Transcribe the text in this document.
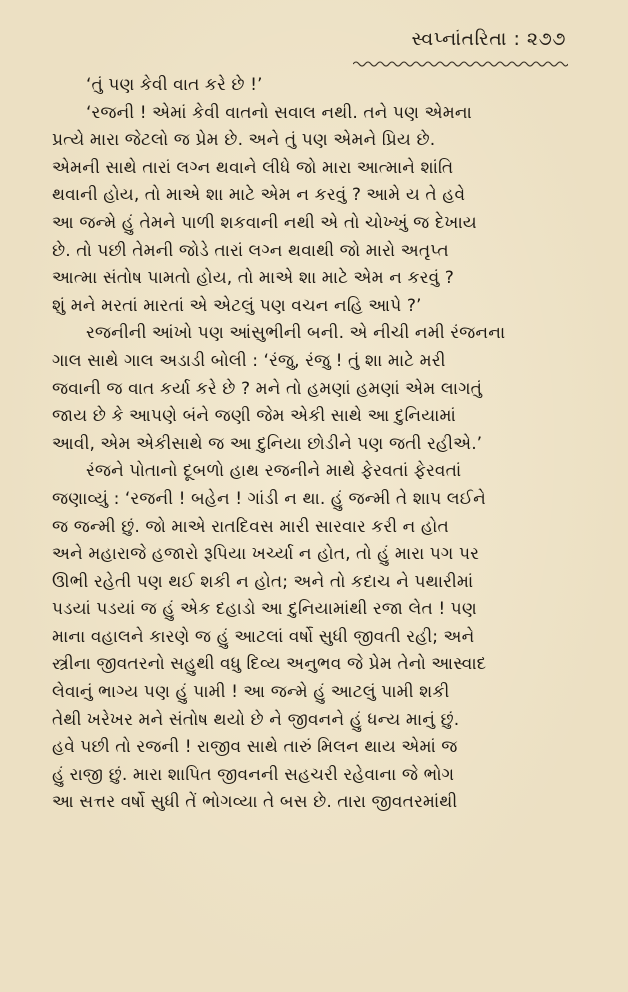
સ્વપ્નાંતરિતા : ૨૭૭

‘તું પણ કેવી વાત કરે છે !’

‘રજની ! એમાં કેવી વાતનો સવાલ નથી. તને પણ એમના
પ્રત્યે મારા જેટલો જ પ્રેમ છે. અને તું પણ એમને પ્રિય છે.
એમની સાથે તારાં લગ્ન થવાને લીધે જો મારા આત્માને શાંતિ
થવાની હોય, તો માએ શા માટે એમ ન કરવું ? આમે ય તે હવે
આ જન્મે હું તેમને પાળી શકવાની નથી એ તો ચોખ્ખું જ દેખાય
છે. તો પછી તેમની જોડે તારાં લગ્ન થવાથી જો મારો અતૃપ્ત
આત્મા સંતોષ પામતો હોય, તો માએ શા માટે એમ ન કરવું ?
શું મને મરતાં મારતાં એ એટલું પણ વચન નહિ આપે ?’

રજનીની આંખો પણ આંસુભીની બની. એ નીચી નમી રંજનના
ગાલ સાથે ગાલ અડાડી બોલી : ‘રંજુ, રંજુ ! તું શા માટે મરી
જવાની જ વાત કર્યા કરે છે ? મને તો હમણાં હમણાં એમ લાગતું
જાય છે કે આપણે બંને જણી જેમ એકી સાથે આ દુનિયામાં
આવી, એમ એકીસાથે જ આ દુનિયા છોડીને પણ જતી રહીએ.’

રંજને પોતાનો દૂબળો હાથ રજનીને માથે ફેરવતાં ફેરવતાં
જણાવ્યું : ‘રજની ! બહેન ! ગાંડી ન થા. હું જન્મી તે શાપ લઈને
જ જન્મી છું. જો માએ રાતદિવસ મારી સારવાર કરી ન હોત
અને મહારાજે હજારો રૂપિયા ખર્ચ્યા ન હોત, તો હું મારા પગ પર
ઊભી રહેતી પણ થઈ શકી ન હોત; અને તો કદાચ ને પથારીમાં
પડયાં પડયાં જ હું એક દહાડો આ દુનિયામાંથી રજા લેત ! પણ
માના વહાલને કારણે જ હું આટલાં વર્ષો સુધી જીવતી રહી; અને
સ્ત્રીના જીવતરનો સહુથી વધુ દિવ્ય અનુભવ જે પ્રેમ તેનો આસ્વાદ
લેવાનું ભાગ્ય પણ હું પામી ! આ જન્મે હું આટલું પામી શકી
તેથી ખરેખર મને સંતોષ થયો છે ને જીવનને હું ધન્ય માનું છું.
હવે પછી તો રજની ! રાજીવ સાથે તારું મિલન થાય એમાં જ
હું રાજી છું. મારા શાપિત જીવનની સહચરી રહેવાના જે ભોગ
આ સત્તર વર્ષો સુધી તેં ભોગવ્યા તે બસ છે. તારા જીવતરમાંથી
